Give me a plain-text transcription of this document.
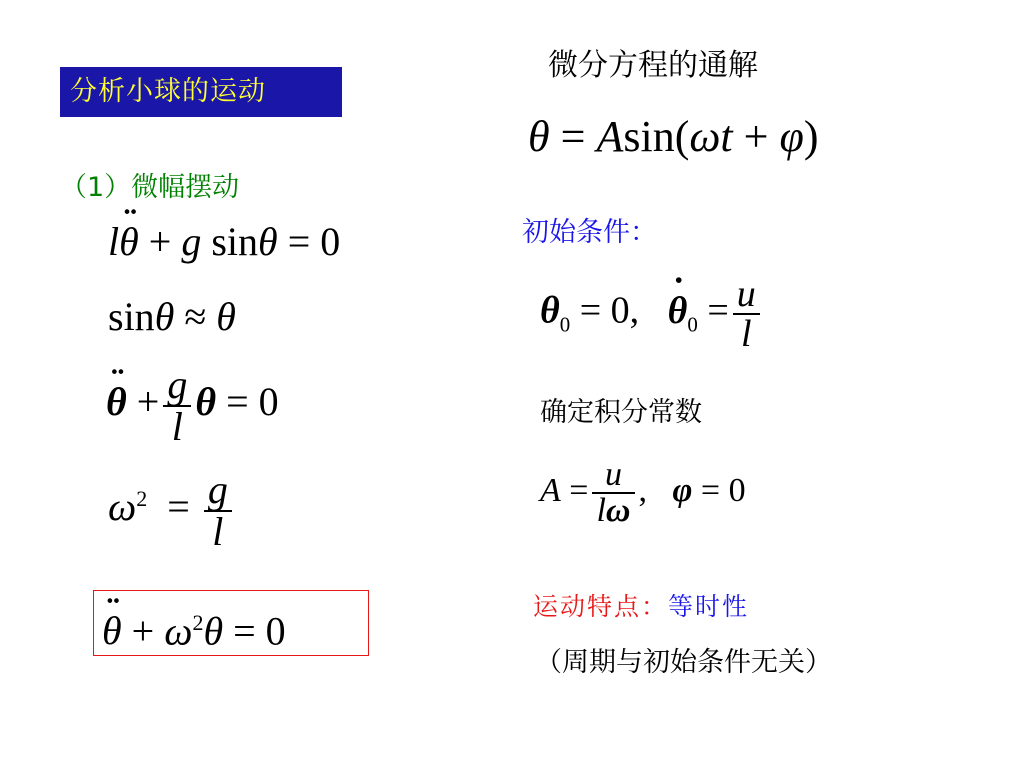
分析小球的运动
（1）微幅摆动
l¨ θ + g sinθ = 0
sinθ ≈ θ
¨ $\theta + \frac{g}{l}$ θ = 0
$\omega^2 = \frac{g}{l}$
¨ $\theta + \omega^2\theta = 0$
微分方程的通解
θ = Asin(ωt + φ)
初始条件：
$\theta_0 = 0$,   ˙ $\theta_0 = \frac{u}{l}$
确定积分常数
$A = \frac{u}{l\omega}$ ,   φ = 0
运动特点：等时性
（周期与初始条件无关）
